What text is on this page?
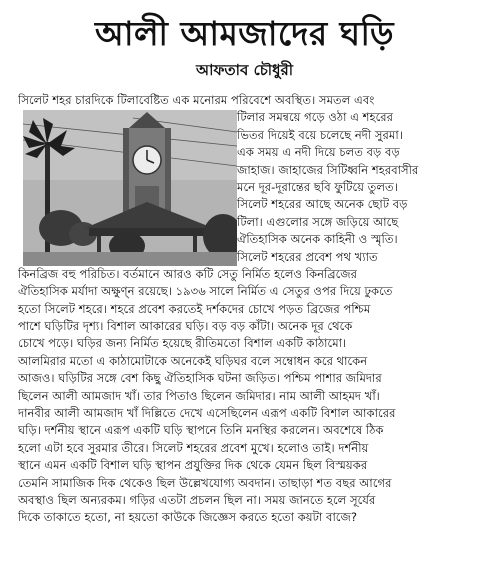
আলী আমজাদের ঘড়ি
আফতাব চৌধুরী
সিলেট শহর চারদিকে টিলাবেষ্টিত এক মনোরম পরিবেশে অবস্থিত। সমতল এবং
টিলার সমন্বয়ে গড়ে ওঠা এ শহরের
ভিতর দিয়েই বয়ে চলেছে নদী সুরমা।
এক সময় এ নদী দিয়ে চলত বড় বড়
জাহাজ। জাহাজের সিটিধ্বনি শহরবাসীর
মনে দূর-দূরান্তের ছবি ফুটিয়ে তুলত।
সিলেট শহরের আছে অনেক ছোট বড়
টিলা। এগুলোর সঙ্গে জড়িয়ে আছে
ঐতিহাসিক অনেক কাহিনী ও স্মৃতি।
সিলেট শহরের প্রবেশ পথ খ্যাত
কিনব্রিজ বহু পরিচিত। বর্তমানে আরও কটি সেতু নির্মিত হলেও কিনব্রিজের
ঐতিহাসিক মর্যাদা অক্ষুণ্ন রয়েছে। ১৯৩৬ সালে নির্মিত এ সেতুর ওপর দিয়ে ঢুকতে
হতো সিলেট শহরে। শহরে প্রবেশ করতেই দর্শকদের চোখে পড়ত ব্রিজের পশ্চিম
পাশে ঘড়িটির দৃশ্য। বিশাল আকারের ঘড়ি। বড় বড় কাঁটা। অনেক দূর থেকে
চোখে পড়ে। ঘড়ির জন্য নির্মিত হয়েছে রীতিমতো বিশাল একটি কাঠামো।
আলমিরার মতো এ কাঠামোটাকে অনেকেই ঘড়িঘর বলে সম্বোধন করে থাকেন
আজও। ঘড়িটির সঙ্গে বেশ কিছু ঐতিহাসিক ঘটনা জড়িত। পশ্চিম পাশার জমিদার
ছিলেন আলী আমজাদ খাঁ। তার পিতাও ছিলেন জমিদার। নাম আলী আহমদ খাঁ।
দানবীর আলী আমজাদ খাঁ দিল্লিতে দেখে এসেছিলেন এরূপ একটি বিশাল আকারের
ঘড়ি। দর্শনীয় স্থানে এরূপ একটি ঘড়ি স্থাপনে তিনি মনস্থির করলেন। অবশেষে ঠিক
হলো এটা হবে সুরমার তীরে। সিলেট শহরের প্রবেশ মুখে। হলোও তাই। দর্শনীয়
স্থানে এমন একটি বিশাল ঘড়ি স্থাপন প্রযুক্তির দিক থেকে যেমন ছিল বিস্ময়কর
তেমনি সামাজিক দিক থেকেও ছিল উল্লেখযোগ্য অবদান। তাছাড়া শত বছর আগের
অবস্থাও ছিল অন্যরকম। গড়ির এতটা প্রচলন ছিল না। সময় জানতে হলে সূর্যের
দিকে তাকাতে হতো, না হয়তো কাউকে জিজ্ঞেস করতে হতো কয়টা বাজে?
